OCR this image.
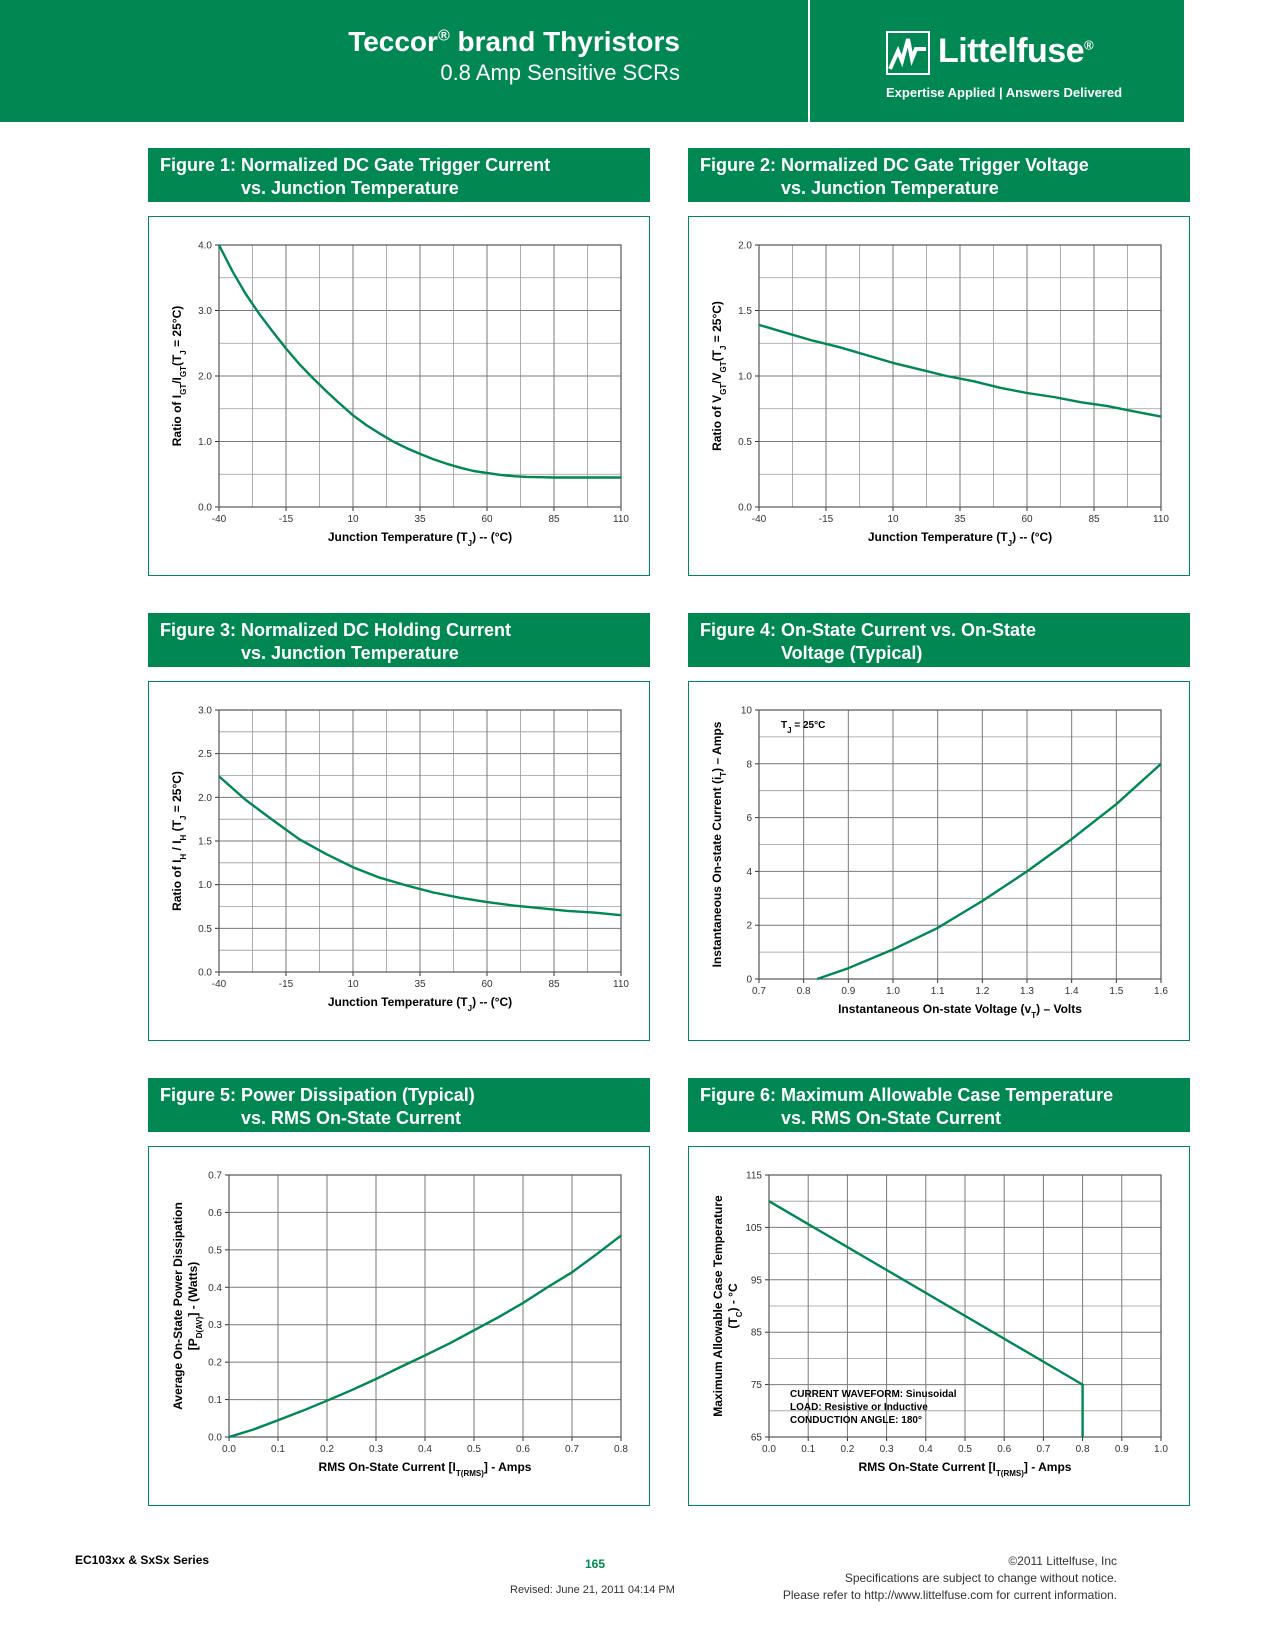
Teccor® brand Thyristors
0.8 Amp Sensitive SCRs
Littelfuse®
Expertise Applied | Answers Delivered
Figure 1: Normalized DC Gate Trigger Current
vs. Junction Temperature
Figure 2: Normalized DC Gate Trigger Voltage
vs. Junction Temperature
Figure 3: Normalized DC Holding Current
vs. Junction Temperature
Figure 4: On-State Current vs. On-State
Voltage (Typical)
Figure 5: Power Dissipation (Typical)
vs. RMS On-State Current
Figure 6: Maximum Allowable Case Temperature
vs. RMS On-State Current
-40	-15	10	35	60	85	110
0.0
1.0
2.0
3.0
4.0
Junction Temperature $(T_J) -- (^\circ C)$
Ratio of $I_{GT}/I_{GT}(T_J = 25^\circ C)$
-40	-15	10	35	60	85	110
0.0
0.5
1.0
1.5
2.0
Junction Temperature $(T_J) -- (^\circ C)$
Ratio of $V_{GT}/V_{GT}(T_J = 25^\circ C)$
-40	-15	10	35	60	85	110
0.0
0.5
1.0
1.5
2.0
2.5
3.0
Junction Temperature $(T_J) -- (^\circ C)$
Ratio of $I_H / I_H$ $(T_J = 25^\circ C)$
0.7	0.8	0.9	1.0	1.1	1.2	1.3	1.4	1.5	1.6
0
2
4
6
8
10
Instantaneous On-state Voltage $(v_T)$ – Volts
Instantaneous On-state Current $(i_T)$ – Amps	$T_J = 25^\circ C$
0.0	0.1	0.2	0.3	0.4	0.5	0.6	0.7	0.8
0.0
0.1
0.2
0.3
0.4
0.5
0.6
0.7
RMS On-State Current $[I_{T(RMS)}]$ - Amps
Average On-State Power Dissipation $[P_{D(AV)}]$ - (Watts)
0.0	0.1	0.2	0.3	0.4	0.5	0.6	0.7	0.8	0.9	1.0
65
75
85
95
105
115
RMS On-State Current $[I_{T(RMS)}]$ - Amps
Maximum Allowable Case Temperature $(T_C) - ^\circ C$
CURRENT WAVEFORM: Sinusoidal
LOAD: Resistive or Inductive
CONDUCTION ANGLE: 180°
EC103xx & SxSx Series	165
Revised: June 21, 2011 04:14 PM
©2011 Littelfuse, Inc
Specifications are subject to change without notice.
Please refer to http://www.littelfuse.com for current information.
